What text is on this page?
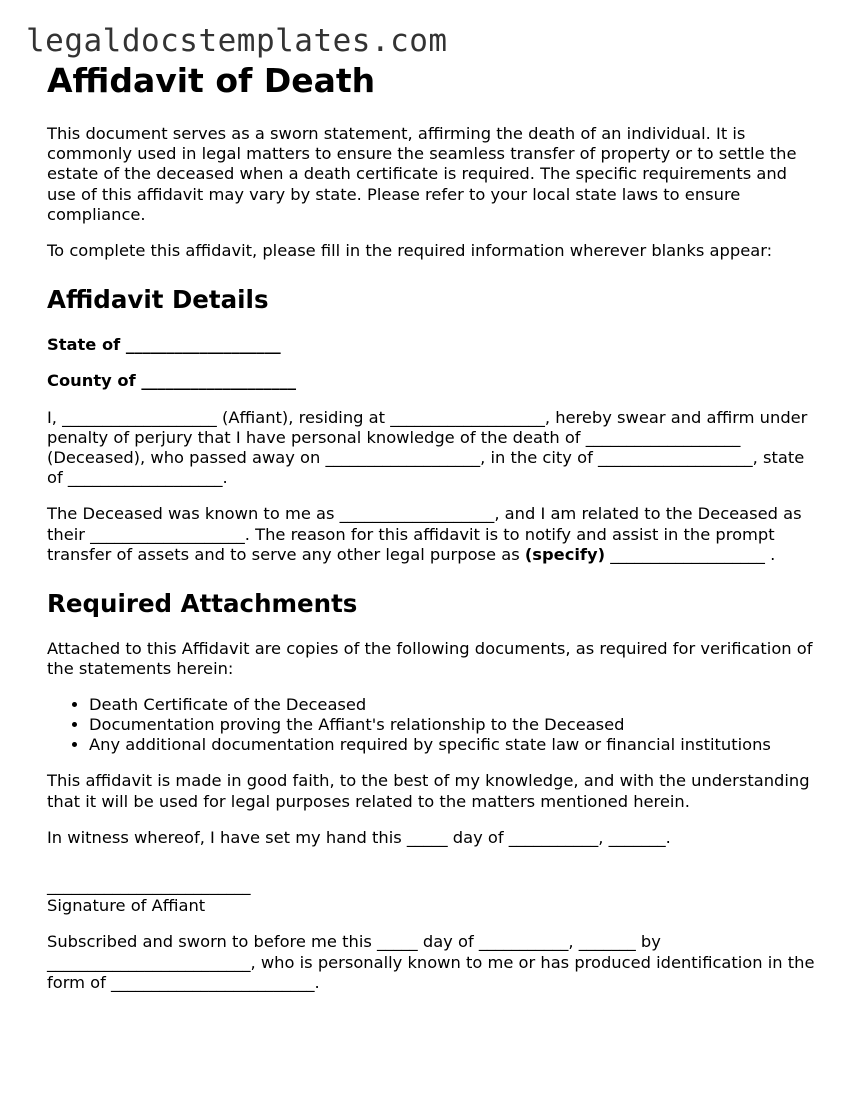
legaldocstemplates.com
Affidavit of Death

This document serves as a sworn statement, affirming the death of an individual. It is commonly used in legal matters to ensure the seamless transfer of property or to settle the estate of the deceased when a death certificate is required. The specific requirements and use of this affidavit may vary by state. Please refer to your local state laws to ensure compliance.

To complete this affidavit, please fill in the required information wherever blanks appear:

Affidavit Details

State of ___________________

County of ___________________

I, ___________________ (Affiant), residing at ___________________, hereby swear and affirm under penalty of perjury that I have personal knowledge of the death of ___________________ (Deceased), who passed away on ___________________, in the city of ___________________, state of ___________________.

The Deceased was known to me as ___________________, and I am related to the Deceased as their ___________________. The reason for this affidavit is to notify and assist in the prompt transfer of assets and to serve any other legal purpose as (specify) ___________________ .

Required Attachments

Attached to this Affidavit are copies of the following documents, as required for verification of the statements herein:

• Death Certificate of the Deceased
• Documentation proving the Affiant's relationship to the Deceased
• Any additional documentation required by specific state law or financial institutions

This affidavit is made in good faith, to the best of my knowledge, and with the understanding that it will be used for legal purposes related to the matters mentioned herein.

In witness whereof, I have set my hand this _____ day of ___________, _______.

_________________________

Signature of Affiant

Subscribed and sworn to before me this _____ day of ___________, _______ by _________________________, who is personally known to me or has produced identification in the form of _________________________.
